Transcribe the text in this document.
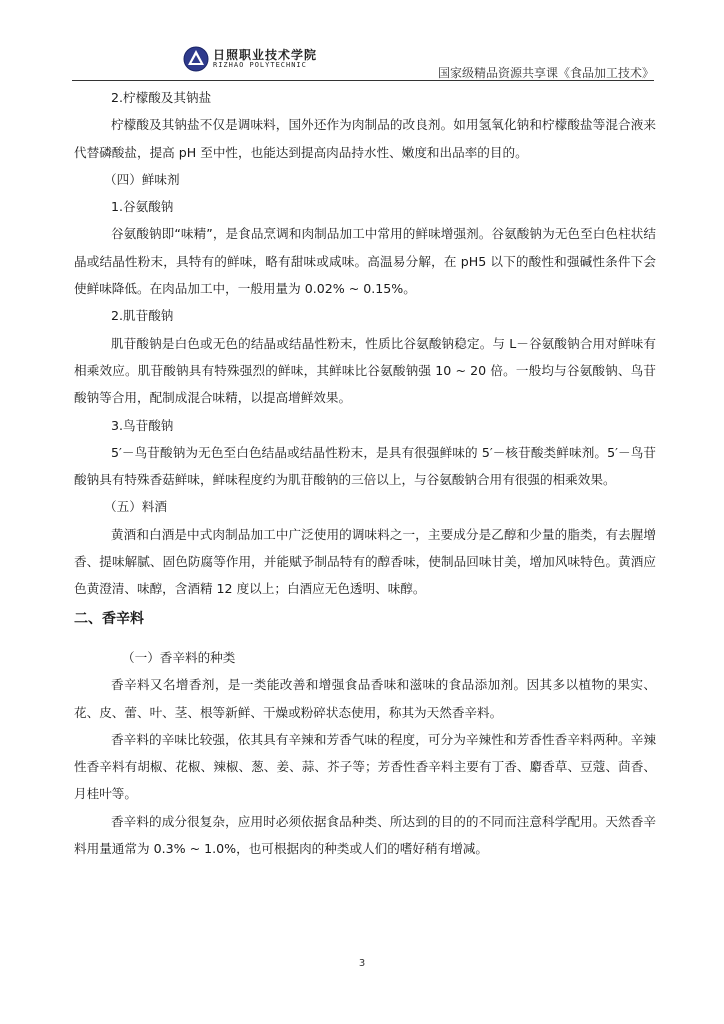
日照职业技术学院
RIZHAO POLYTECHNIC
国家级精品资源共享课《食品加工技术》

2.柠檬酸及其钠盐

柠檬酸及其钠盐不仅是调味料，国外还作为肉制品的改良剂。如用氢氧化钠和柠檬酸盐等混合液来代替磷酸盐，提高 pH 至中性，也能达到提高肉品持水性、嫩度和出品率的目的。

（四）鲜味剂

1.谷氨酸钠

谷氨酸钠即“味精”，是食品烹调和肉制品加工中常用的鲜味增强剂。谷氨酸钠为无色至白色柱状结晶或结晶性粉末，具特有的鲜味，略有甜味或咸味。高温易分解，在 pH5 以下的酸性和强碱性条件下会使鲜味降低。在肉品加工中，一般用量为 0.02% ~ 0.15%。

2.肌苷酸钠

肌苷酸钠是白色或无色的结晶或结晶性粉末，性质比谷氨酸钠稳定。与 L－谷氨酸钠合用对鲜味有相乘效应。肌苷酸钠具有特殊强烈的鲜味，其鲜味比谷氨酸钠强 10 ~ 20 倍。一般均与谷氨酸钠、鸟苷酸钠等合用，配制成混合味精，以提高增鲜效果。

3.鸟苷酸钠

5′－鸟苷酸钠为无色至白色结晶或结晶性粉末，是具有很强鲜味的 5′－核苷酸类鲜味剂。5′－鸟苷酸钠具有特殊香菇鲜味，鲜味程度约为肌苷酸钠的三倍以上，与谷氨酸钠合用有很强的相乘效果。

（五）料酒

黄酒和白酒是中式肉制品加工中广泛使用的调味料之一，主要成分是乙醇和少量的脂类，有去腥增香、提味解腻、固色防腐等作用，并能赋予制品特有的醇香味，使制品回味甘美，增加风味特色。黄酒应色黄澄清、味醇，含酒精 12 度以上；白酒应无色透明、味醇。

二、香辛料

（一）香辛料的种类

香辛料又名增香剂，是一类能改善和增强食品香味和滋味的食品添加剂。因其多以植物的果实、花、皮、蕾、叶、茎、根等新鲜、干燥或粉碎状态使用，称其为天然香辛料。

香辛料的辛味比较强，依其具有辛辣和芳香气味的程度，可分为辛辣性和芳香性香辛料两种。辛辣性香辛料有胡椒、花椒、辣椒、葱、姜、蒜、芥子等；芳香性香辛料主要有丁香、麝香草、豆蔻、茴香、月桂叶等。

香辛料的成分很复杂，应用时必须依据食品种类、所达到的目的的不同而注意科学配用。天然香辛料用量通常为 0.3% ~ 1.0%，也可根据肉的种类或人们的嗜好稍有增减。

3
